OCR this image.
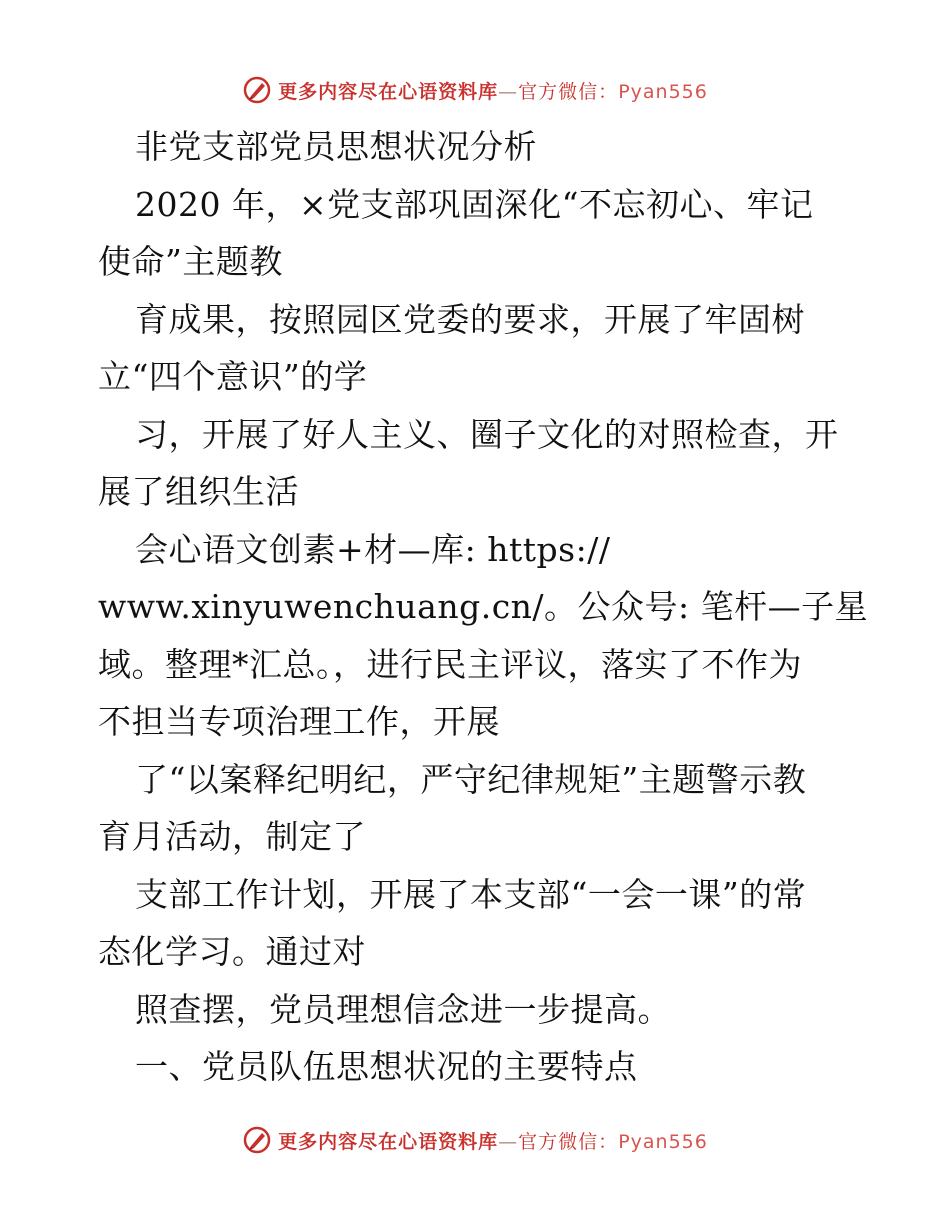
更多内容尽在心语资料库—官方微信：Pyan556
非党支部党员思想状况分析
2020 年，×党支部巩固深化“不忘初心、牢记
使命”主题教
育成果，按照园区党委的要求，开展了牢固树
立“四个意识”的学
习，开展了好人主义、圈子文化的对照检查，开
展了组织生活
会心语文创素+材—库: https://
www.xinyuwenchuang.cn/。公众号: 笔杆—子星
域。整理*汇总。，进行民主评议，落实了不作为
不担当专项治理工作，开展
了“以案释纪明纪，严守纪律规矩”主题警示教
育月活动，制定了
支部工作计划，开展了本支部“一会一课”的常
态化学习。通过对
照查摆，党员理想信念进一步提高。
一、党员队伍思想状况的主要特点
更多内容尽在心语资料库—官方微信：Pyan556
